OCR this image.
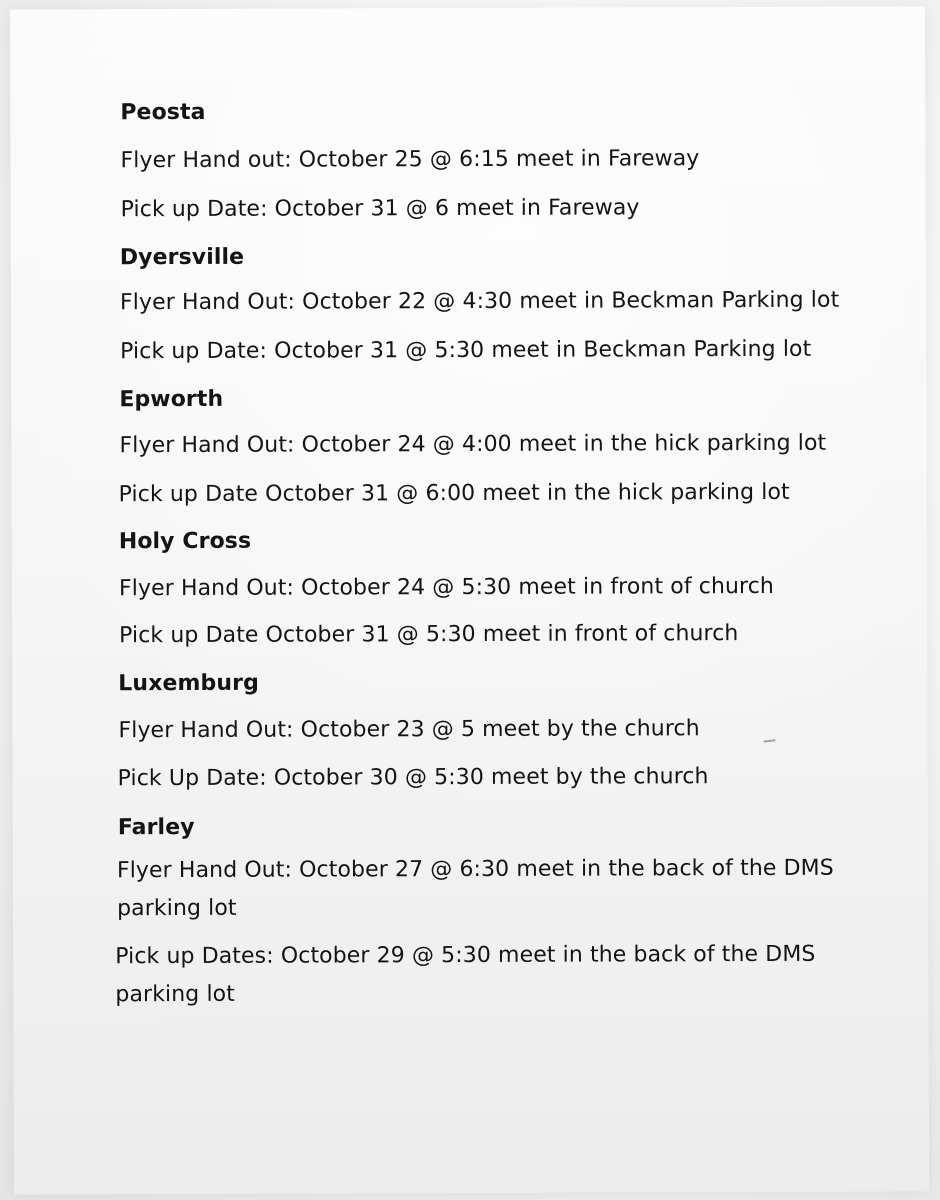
Peosta
Flyer Hand out: October 25 @ 6:15 meet in Fareway
Pick up Date: October 31 @ 6 meet in Fareway
Dyersville
Flyer Hand Out: October 22 @ 4:30 meet in Beckman Parking lot
Pick up Date: October 31 @ 5:30 meet in Beckman Parking lot
Epworth
Flyer Hand Out: October 24 @ 4:00 meet in the hick parking lot
Pick up Date October 31 @ 6:00 meet in the hick parking lot
Holy Cross
Flyer Hand Out: October 24 @ 5:30 meet in front of church
Pick up Date October 31 @ 5:30 meet in front of church
Luxemburg
Flyer Hand Out: October 23 @ 5 meet by the church
Pick Up Date: October 30 @ 5:30 meet by the church
Farley
Flyer Hand Out: October 27 @ 6:30 meet in the back of the DMS parking lot
Pick up Dates: October 29 @ 5:30 meet in the back of the DMS parking lot
